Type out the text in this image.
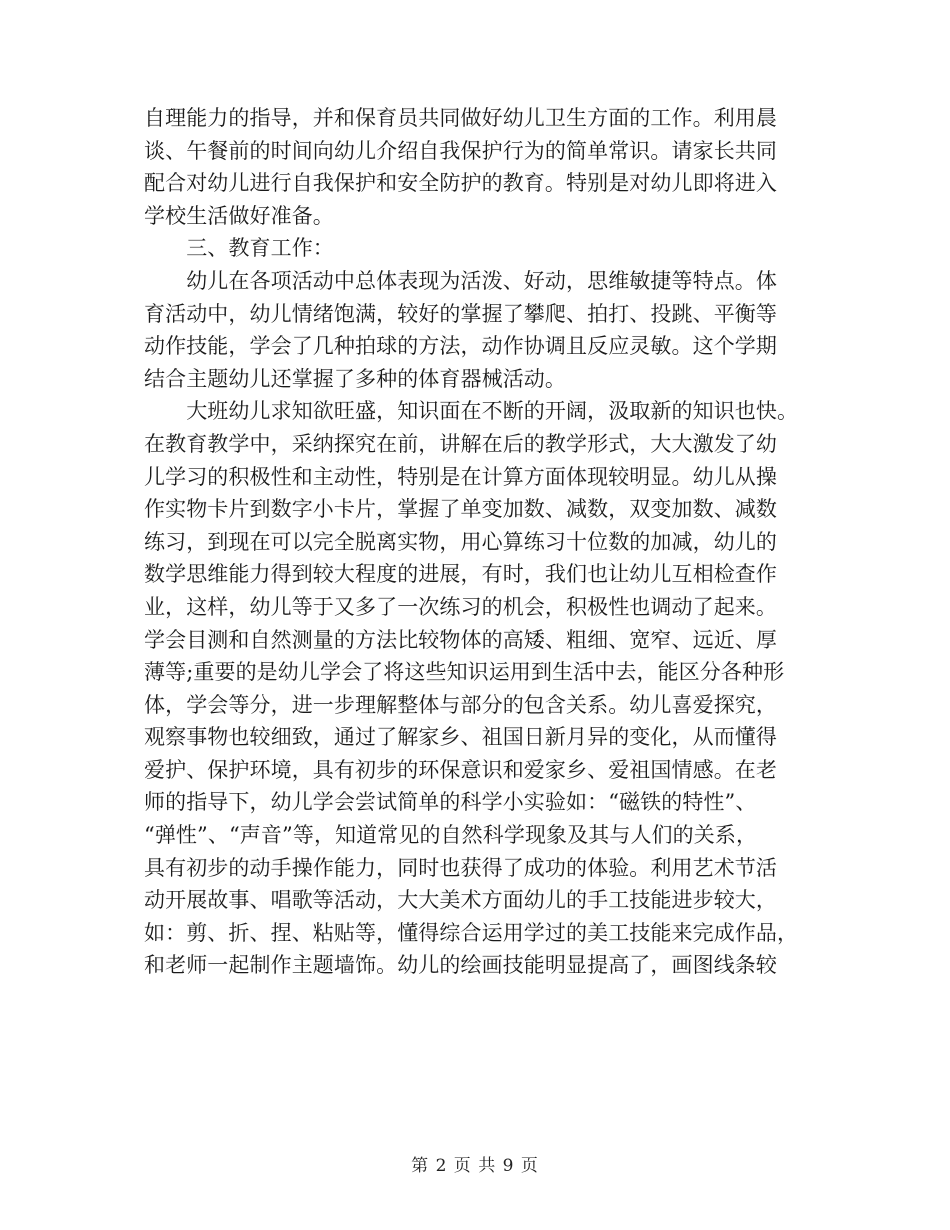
自理能力的指导，并和保育员共同做好幼儿卫生方面的工作。利用晨
谈、午餐前的时间向幼儿介绍自我保护行为的简单常识。请家长共同
配合对幼儿进行自我保护和安全防护的教育。特别是对幼儿即将进入
学校生活做好准备。
　　三、教育工作：
　　幼儿在各项活动中总体表现为活泼、好动，思维敏捷等特点。体
育活动中，幼儿情绪饱满，较好的掌握了攀爬、拍打、投跳、平衡等
动作技能，学会了几种拍球的方法，动作协调且反应灵敏。这个学期
结合主题幼儿还掌握了多种的体育器械活动。
　　大班幼儿求知欲旺盛，知识面在不断的开阔，汲取新的知识也快。
在教育教学中，采纳探究在前，讲解在后的教学形式，大大激发了幼
儿学习的积极性和主动性，特别是在计算方面体现较明显。幼儿从操
作实物卡片到数字小卡片，掌握了单变加数、减数，双变加数、减数
练习，到现在可以完全脱离实物，用心算练习十位数的加减，幼儿的
数学思维能力得到较大程度的进展，有时，我们也让幼儿互相检查作
业，这样，幼儿等于又多了一次练习的机会，积极性也调动了起来。
学会目测和自然测量的方法比较物体的高矮、粗细、宽窄、远近、厚
薄等;重要的是幼儿学会了将这些知识运用到生活中去，能区分各种形
体，学会等分，进一步理解整体与部分的包含关系。幼儿喜爱探究，
观察事物也较细致，通过了解家乡、祖国日新月异的变化，从而懂得
爱护、保护环境，具有初步的环保意识和爱家乡、爱祖国情感。在老
师的指导下，幼儿学会尝试简单的科学小实验如：“磁铁的特性”、
“弹性”、“声音”等，知道常见的自然科学现象及其与人们的关系，
具有初步的动手操作能力，同时也获得了成功的体验。利用艺术节活
动开展故事、唱歌等活动，大大美术方面幼儿的手工技能进步较大，
如：剪、折、捏、粘贴等，懂得综合运用学过的美工技能来完成作品，
和老师一起制作主题墙饰。幼儿的绘画技能明显提高了，画图线条较
第 2 页 共 9 页
